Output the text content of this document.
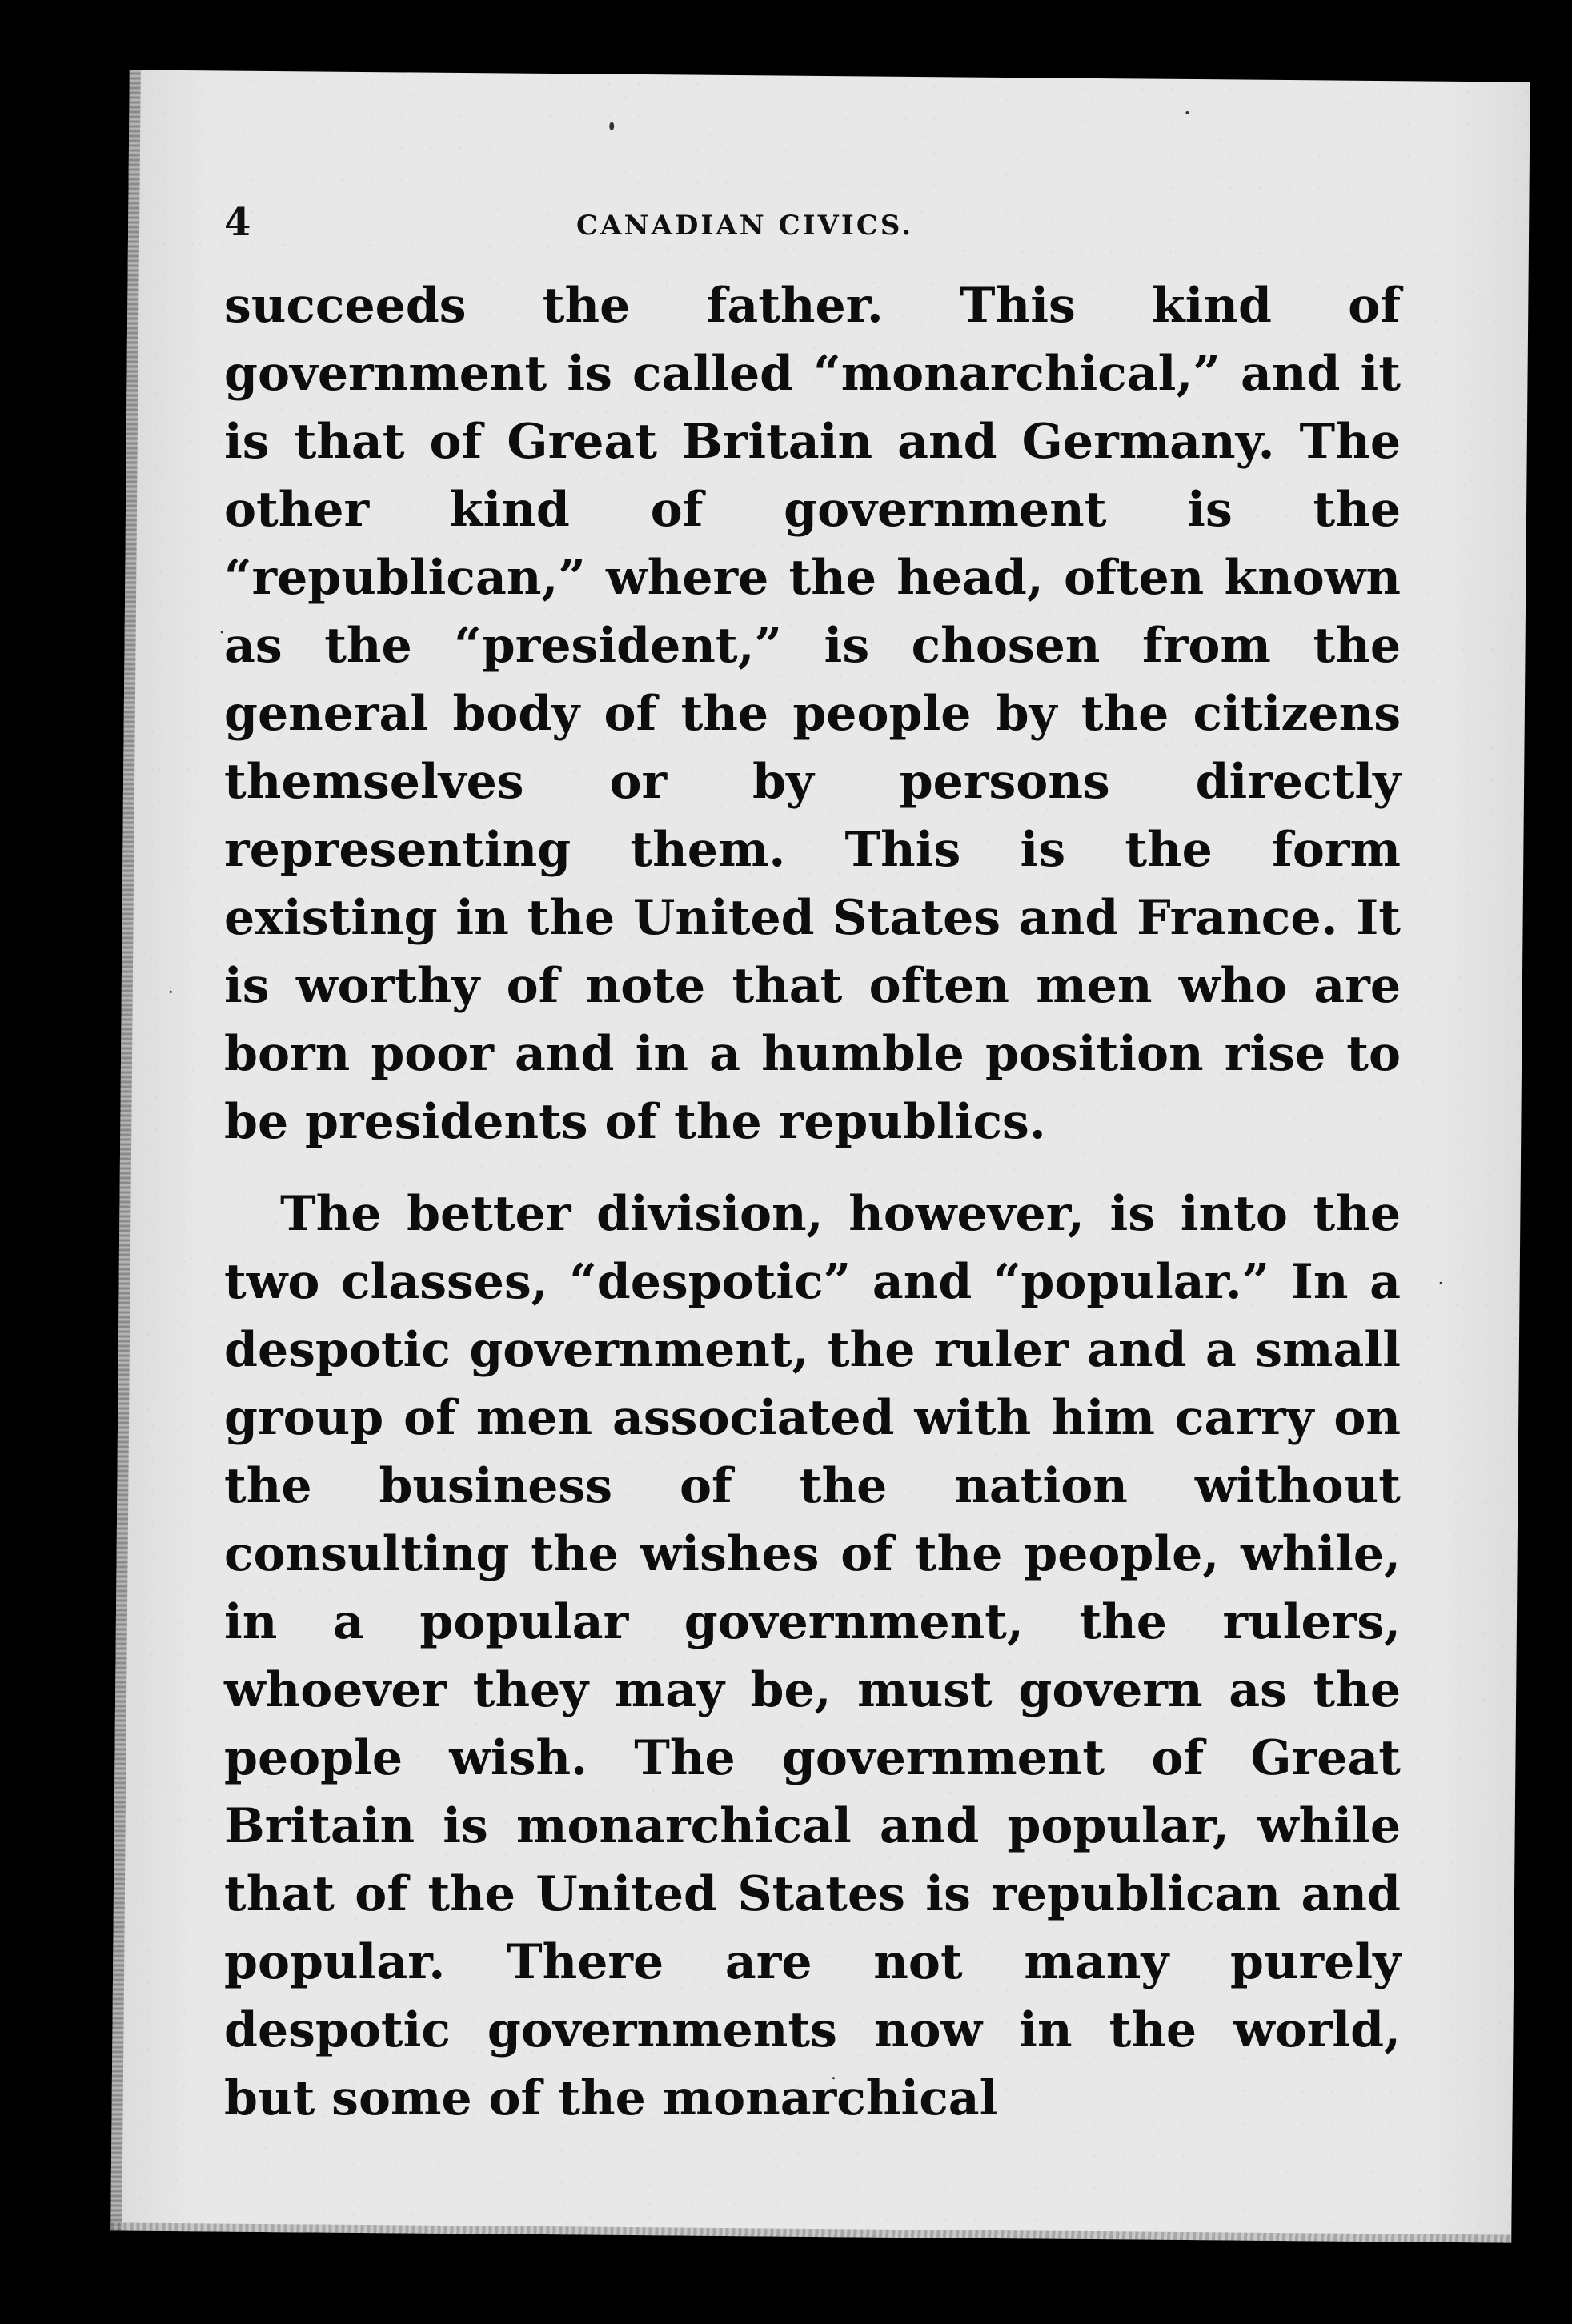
4	CANADIAN CIVICS.

succeeds the father. This kind of government is called “monarchical,” and it is that of Great Britain and Germany. The other kind of government is the “republican,” where the head, often known as the “president,” is chosen from the general body of the people by the citizens themselves or by persons directly representing them. This is the form existing in the United States and France. It is worthy of note that often men who are born poor and in a humble position rise to be presidents of the republics.

The better division, however, is into the two classes, “despotic” and “popular.” In a despotic government, the ruler and a small group of men associated with him carry on the business of the nation without consulting the wishes of the people, while, in a popular government, the rulers, whoever they may be, must govern as the people wish. The government of Great Britain is monarchical and popular, while that of the United States is republican and popular. There are not many purely despotic governments now in the world, but some of the monarchical
